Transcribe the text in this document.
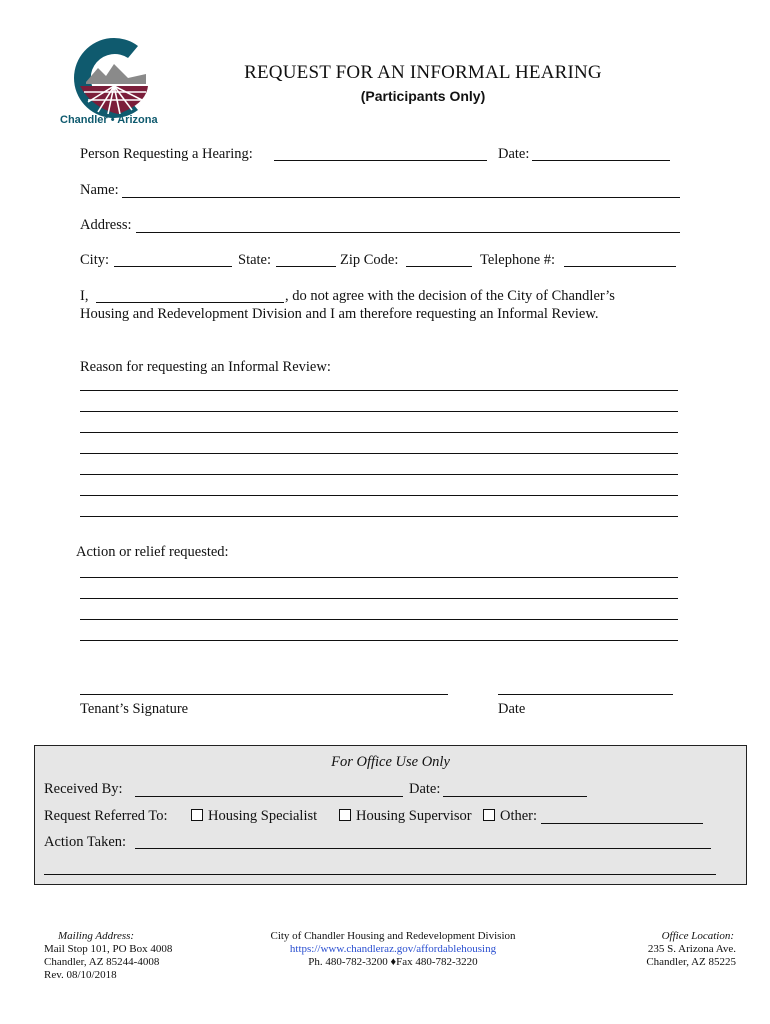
Chandler • Arizona
REQUEST FOR AN INFORMAL HEARING
(Participants Only)
Person Requesting a Hearing:	Date:
Name:
Address:
City:	State:	Zip Code:	Telephone #:
I,	, do not agree with the decision of the City of Chandler’s
Housing and Redevelopment Division and I am therefore requesting an Informal Review.
Reason for requesting an Informal Review:
Action or relief requested:
Tenant’s Signature	Date
For Office Use Only
Received By:	Date:
Request Referred To:	Housing Specialist	Housing Supervisor	Other:
Action Taken:
Mailing Address:
Mail Stop 101, PO Box 4008
Chandler, AZ 85244-4008
Rev. 08/10/2018
City of Chandler Housing and Redevelopment Division
https://www.chandleraz.gov/affordablehousing
Ph. 480-782-3200 ♦Fax 480-782-3220
Office Location:
235 S. Arizona Ave.
Chandler, AZ 85225
